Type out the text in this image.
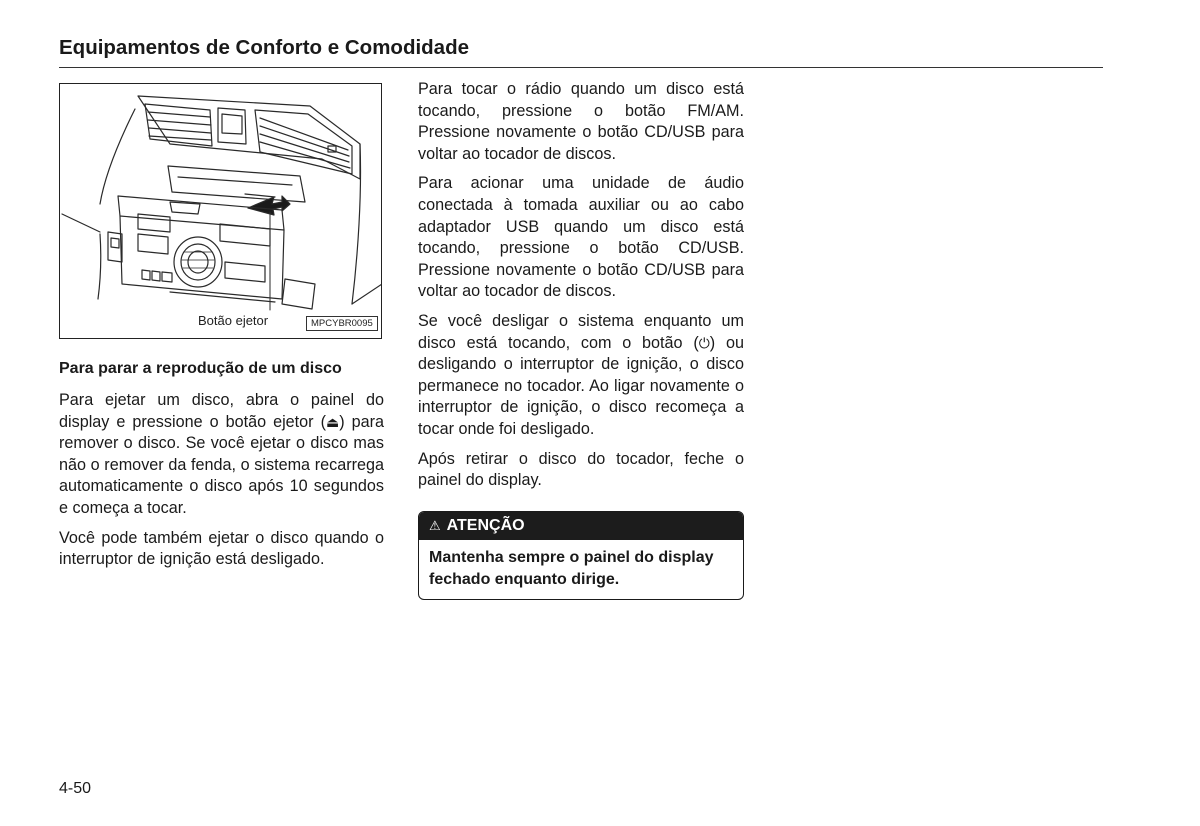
Equipamentos de Conforto e Comodidade
Botão ejetor	MPCYBR0095
Para parar a reprodução de um disco

Para ejetar um disco, abra o painel do display e pressione o botão ejetor (⏏) para remover o disco. Se você ejetar o disco mas não o remover da fenda, o sistema recarrega automaticamente o disco após 10 segundos e começa a tocar.

Você pode também ejetar o disco quando o interruptor de ignição está desligado.

Para tocar o rádio quando um disco está tocando, pressione o botão FM/AM. Pressione novamente o botão CD/USB para voltar ao tocador de discos.

Para acionar uma unidade de áudio conectada à tomada auxiliar ou ao cabo adaptador USB quando um disco está tocando, pressione o botão CD/USB. Pressione novamente o botão CD/USB para voltar ao tocador de discos.

Se você desligar o sistema enquanto um disco está tocando, com o botão (⏻) ou desligando o interruptor de ignição, o disco permanece no tocador. Ao ligar novamente o interruptor de ignição, o disco recomeça a tocar onde foi desligado.

Após retirar o disco do tocador, feche o painel do display.

⚠ ATENÇÃO
Mantenha sempre o painel do display fechado enquanto dirige.
4-50
